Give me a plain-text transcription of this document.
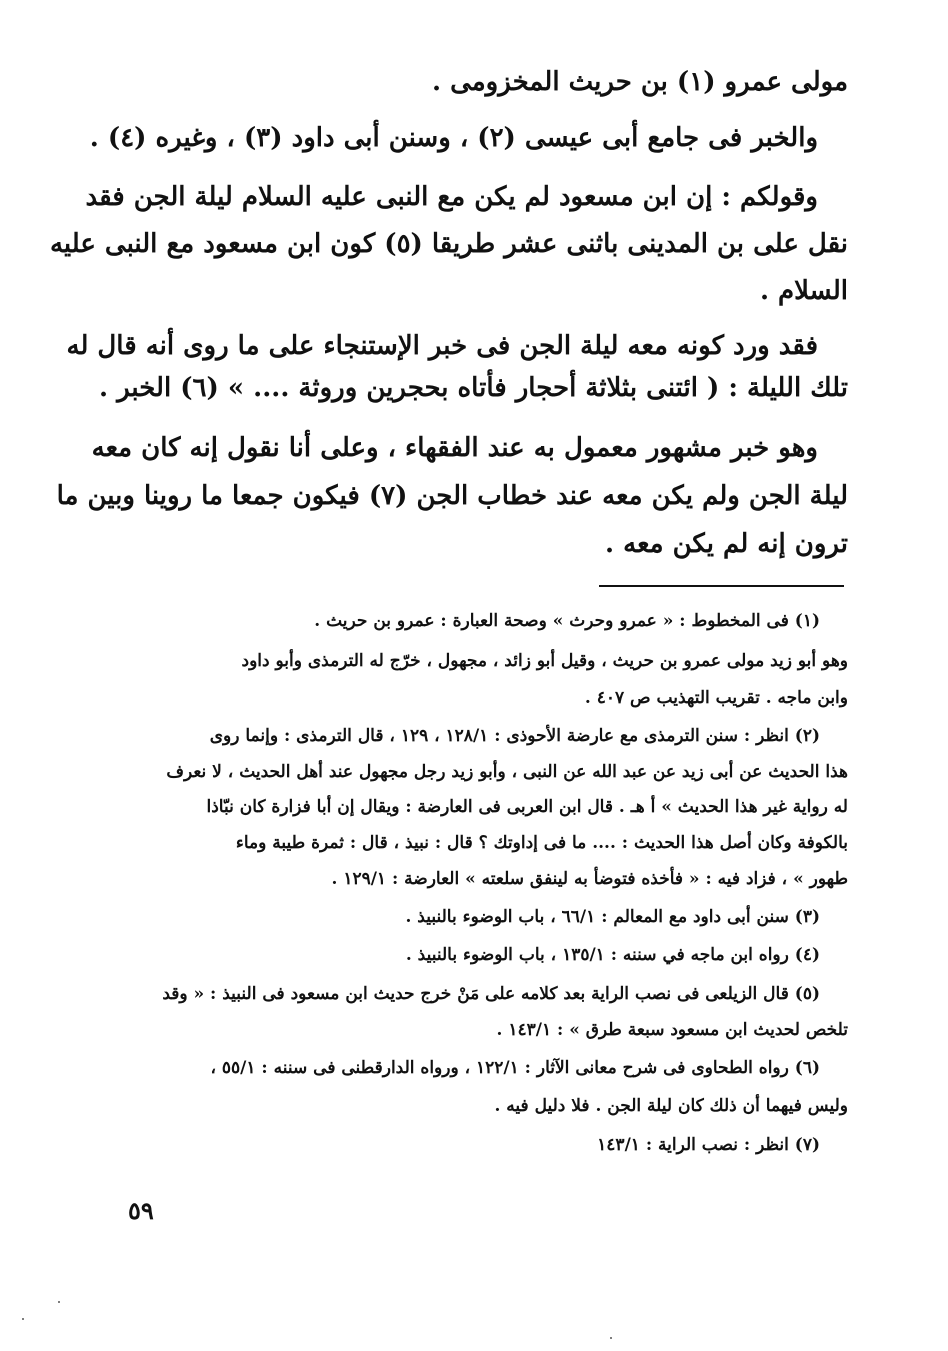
مولى عمرو (١) بن حريث المخزومى .
والخبر فى جامع أبى عيسى (٢) ، وسنن أبى داود (٣) ، وغيره (٤) .
وقولكم : إن ابن مسعود لم يكن مع النبى عليه السلام ليلة الجن فقد
نقل على بن المدينى باثنى عشر طريقا (٥) كون ابن مسعود مع النبى عليه
السلام .
فقد ورد كونه معه ليلة الجن فى خبر الإستنجاء على ما روى أنه قال له
تلك الليلة : ( ائتنى بثلاثة أحجار فأتاه بحجرين وروثة .... » (٦) الخبر .
وهو خبر مشهور معمول به عند الفقهاء ، وعلى أنا نقول إنه كان معه
ليلة الجن ولم يكن معه عند خطاب الجن (٧) فيكون جمعا ما روينا وبين ما
ترون إنه لم يكن معه .
(١) فى المخطوط : « عمرو وحرث » وصحة العبارة : عمرو بن حريث .
وهو أبو زيد مولى عمرو بن حريث ، وقيل أبو زائد ، مجهول ، خرّج له الترمذى وأبو داود
وابن ماجه . تقريب التهذيب ص ٤٠٧ .
(٢) انظر : سنن الترمذى مع عارضة الأحوذى : ١٢٨/١ ، ١٢٩ ، قال الترمذى : وإنما روى
هذا الحديث عن أبى زيد عن عبد الله عن النبى ، وأبو زيد رجل مجهول عند أهل الحديث ، لا نعرف
له رواية غير هذا الحديث » أ هـ . قال ابن العربى فى العارضة : ويقال إن أبا فزارة كان نبّاذا
بالكوفة وكان أصل هذا الحديث : .... ما فى إداوتك ؟ قال : نبيذ ، قال : ثمرة طيبة وماء
طهور » ، فزاد فيه : « فأخذه فتوضأ به لينفق سلعته » العارضة : ١٢٩/١ .
(٣) سنن أبى داود مع المعالم : ٦٦/١ ، باب الوضوء بالنبيذ .
(٤) رواه ابن ماجه في سننه : ١٣٥/١ ، باب الوضوء بالنبيذ .
(٥) قال الزيلعى فى نصب الراية بعد كلامه على مَنْ خرج حديث ابن مسعود فى النبيذ : « وقد
تلخص لحديث ابن مسعود سبعة طرق » : ١٤٣/١ .
(٦) رواه الطحاوى فى شرح معانى الآثار : ١٢٢/١ ، ورواه الدارقطنى فى سننه : ٥٥/١ ،
وليس فيهما أن ذلك كان ليلة الجن . فلا دليل فيه .
(٧) انظر : نصب الراية : ١٤٣/١
٥٩
